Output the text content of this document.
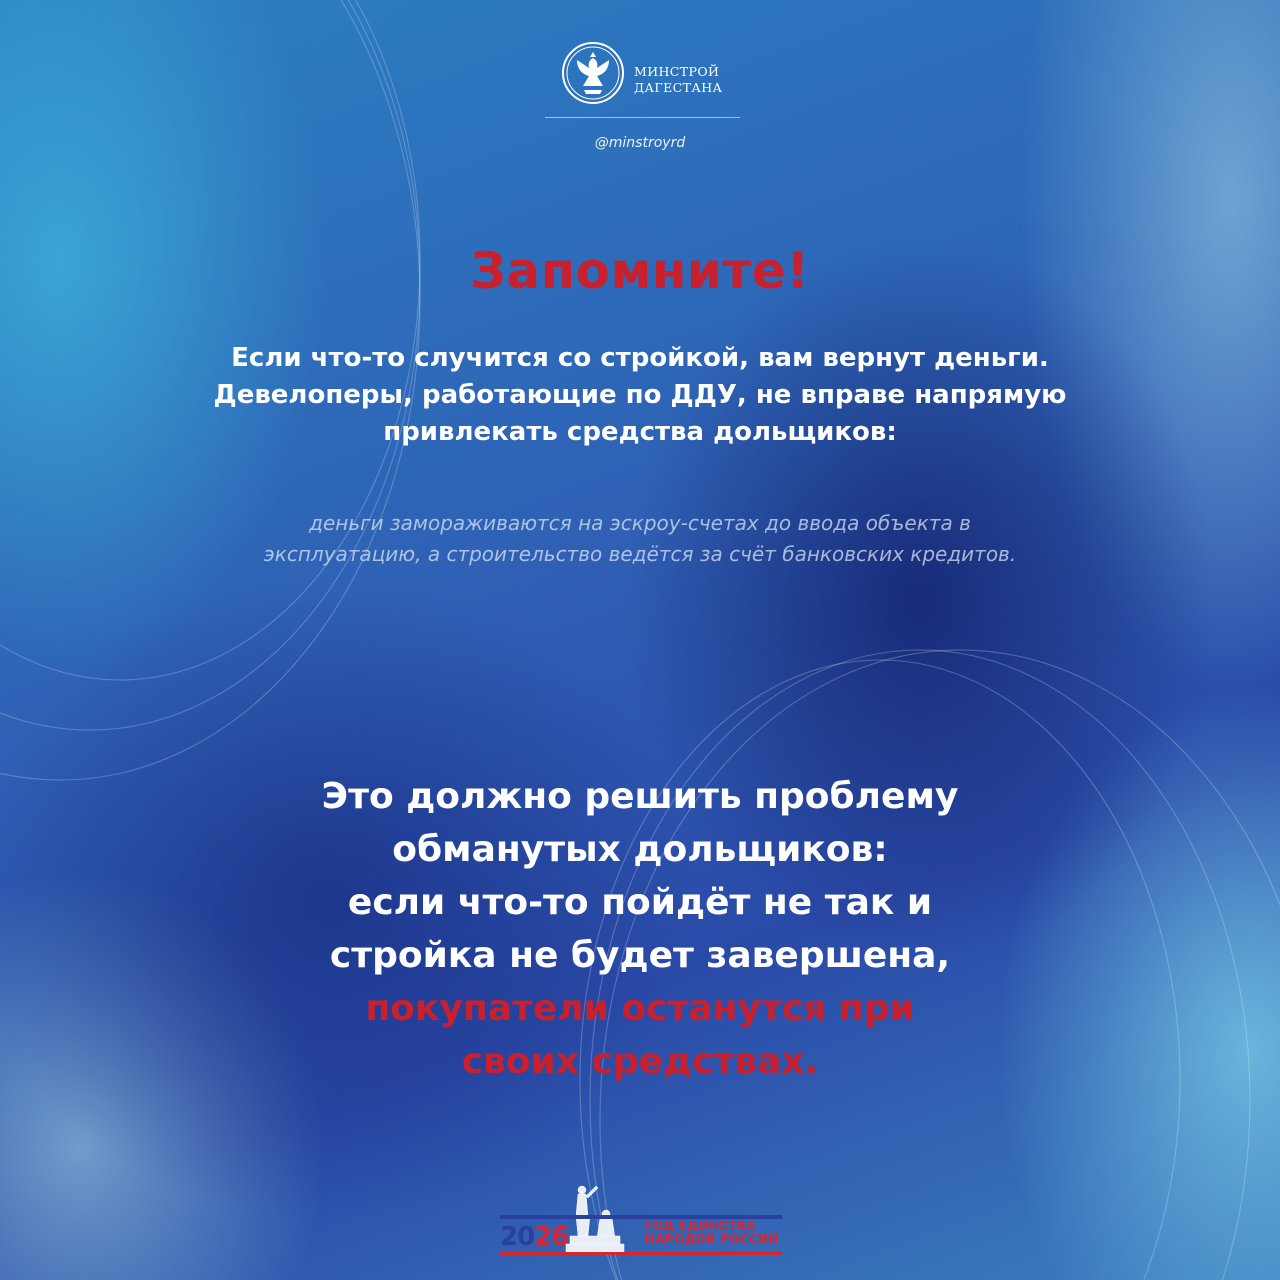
МИНСТРОЙ
ДАГЕСТАНА
@minstroyrd
Запомните!
Если что-то случится со стройкой, вам вернут деньги.
Девелоперы, работающие по ДДУ, не вправе напрямую
привлекать средства дольщиков:
деньги замораживаются на эскроу-счетах до ввода объекта в
эксплуатацию, а строительство ведётся за счёт банковских кредитов.
Это должно решить проблему
обманутых дольщиков:
если что-то пойдёт не так и
стройка не будет завершена,
покупатели останутся при
своих средствах.
2026	ГОД ЕДИНСТВА
НАРОДОВ РОССИИ
